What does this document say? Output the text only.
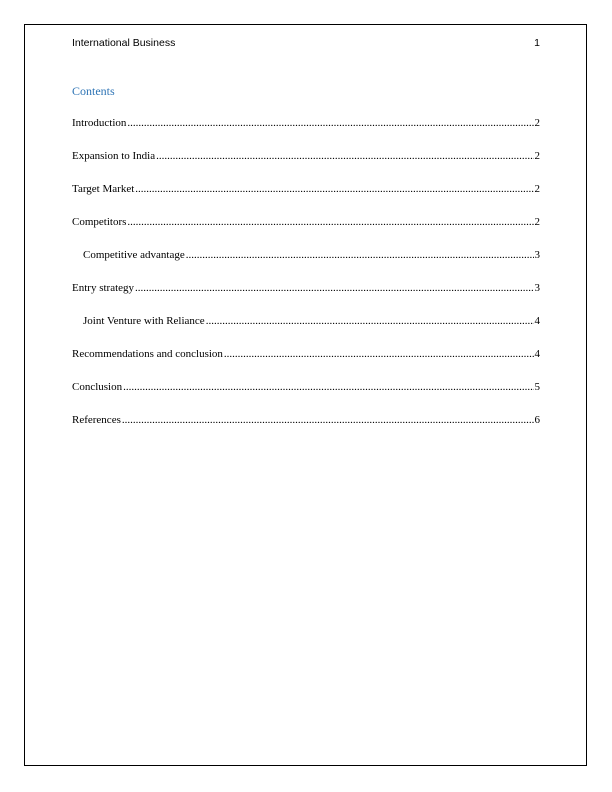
International Business	1
Contents
Introduction .....	2
Expansion to India .....	2
Target Market .....	2
Competitors .....	2
Competitive advantage .....	3
Entry strategy .....	3
Joint Venture with Reliance .....	4
Recommendations and conclusion .....	4
Conclusion .....	5
References .....	6
